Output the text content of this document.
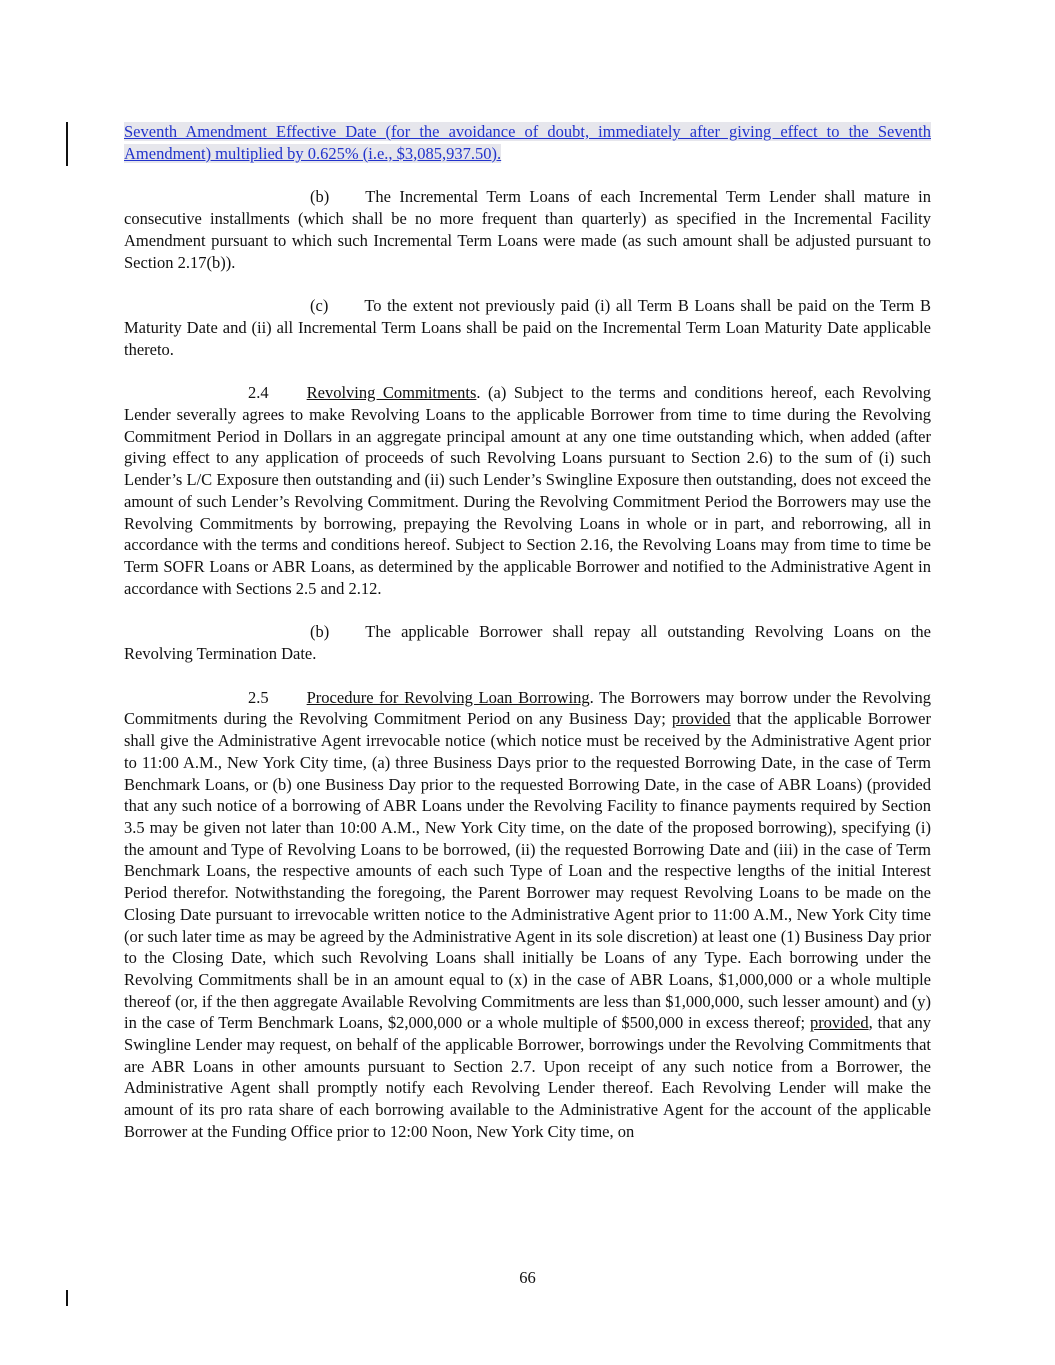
Seventh Amendment Effective Date (for the avoidance of doubt, immediately after giving effect to the Seventh Amendment) multiplied by 0.625% (i.e., $3,085,937.50).

(b) The Incremental Term Loans of each Incremental Term Lender shall mature in consecutive installments (which shall be no more frequent than quarterly) as specified in the Incremental Facility Amendment pursuant to which such Incremental Term Loans were made (as such amount shall be adjusted pursuant to Section 2.17(b)).

(c) To the extent not previously paid (i) all Term B Loans shall be paid on the Term B Maturity Date and (ii) all Incremental Term Loans shall be paid on the Incremental Term Loan Maturity Date applicable thereto.

2.4 Revolving Commitments. (a) Subject to the terms and conditions hereof, each Revolving Lender severally agrees to make Revolving Loans to the applicable Borrower from time to time during the Revolving Commitment Period in Dollars in an aggregate principal amount at any one time outstanding which, when added (after giving effect to any application of proceeds of such Revolving Loans pursuant to Section 2.6) to the sum of (i) such Lender’s L/C Exposure then outstanding and (ii) such Lender’s Swingline Exposure then outstanding, does not exceed the amount of such Lender’s Revolving Commitment. During the Revolving Commitment Period the Borrowers may use the Revolving Commitments by borrowing, prepaying the Revolving Loans in whole or in part, and reborrowing, all in accordance with the terms and conditions hereof. Subject to Section 2.16, the Revolving Loans may from time to time be Term SOFR Loans or ABR Loans, as determined by the applicable Borrower and notified to the Administrative Agent in accordance with Sections 2.5 and 2.12.

(b) The applicable Borrower shall repay all outstanding Revolving Loans on the Revolving Termination Date.

2.5 Procedure for Revolving Loan Borrowing. The Borrowers may borrow under the Revolving Commitments during the Revolving Commitment Period on any Business Day; provided that the applicable Borrower shall give the Administrative Agent irrevocable notice (which notice must be received by the Administrative Agent prior to 11:00 A.M., New York City time, (a) three Business Days prior to the requested Borrowing Date, in the case of Term Benchmark Loans, or (b) one Business Day prior to the requested Borrowing Date, in the case of ABR Loans) (provided that any such notice of a borrowing of ABR Loans under the Revolving Facility to finance payments required by Section 3.5 may be given not later than 10:00 A.M., New York City time, on the date of the proposed borrowing), specifying (i) the amount and Type of Revolving Loans to be borrowed, (ii) the requested Borrowing Date and (iii) in the case of Term Benchmark Loans, the respective amounts of each such Type of Loan and the respective lengths of the initial Interest Period therefor. Notwithstanding the foregoing, the Parent Borrower may request Revolving Loans to be made on the Closing Date pursuant to irrevocable written notice to the Administrative Agent prior to 11:00 A.M., New York City time (or such later time as may be agreed by the Administrative Agent in its sole discretion) at least one (1) Business Day prior to the Closing Date, which such Revolving Loans shall initially be Loans of any Type. Each borrowing under the Revolving Commitments shall be in an amount equal to (x) in the case of ABR Loans, $1,000,000 or a whole multiple thereof (or, if the then aggregate Available Revolving Commitments are less than $1,000,000, such lesser amount) and (y) in the case of Term Benchmark Loans, $2,000,000 or a whole multiple of $500,000 in excess thereof; provided, that any Swingline Lender may request, on behalf of the applicable Borrower, borrowings under the Revolving Commitments that are ABR Loans in other amounts pursuant to Section 2.7. Upon receipt of any such notice from a Borrower, the Administrative Agent shall promptly notify each Revolving Lender thereof. Each Revolving Lender will make the amount of its pro rata share of each borrowing available to the Administrative Agent for the account of the applicable Borrower at the Funding Office prior to 12:00 Noon, New York City time, on

66
